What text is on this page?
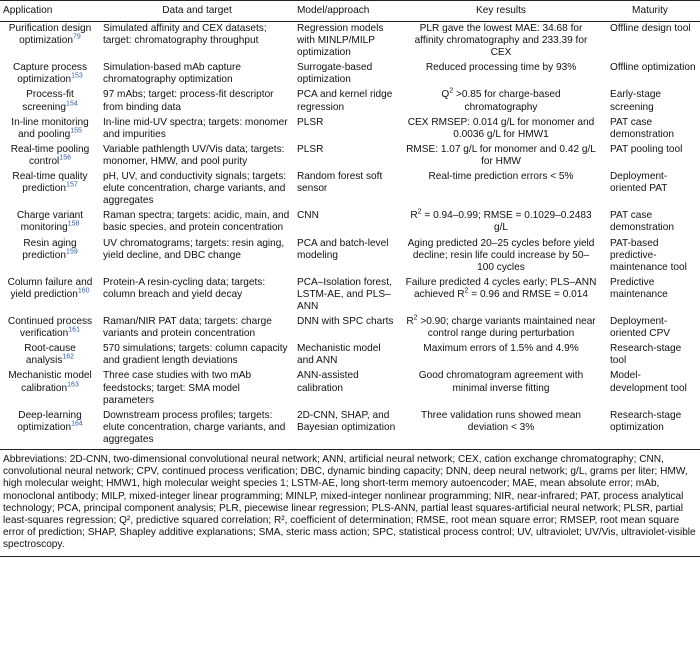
Application	Data and target	Model/approach	Key results	Maturity
Purification design optimization$^{79}$	Simulated affinity and CEX datasets; target: chromatography throughput	Regression models with MINLP/MILP optimization	PLR gave the lowest MAE: 34.68 for affinity chromatography and 233.39 for CEX	Offline design tool
Capture process optimization$^{153}$	Simulation-based mAb capture chromatography optimization	Surrogate-based optimization	Reduced processing time by 93%	Offline optimization
Process-fit screening$^{154}$	97 mAbs; target: process-fit descriptor from binding data	PCA and kernel ridge regression	$Q^2 >0.85$ for charge-based chromatography	Early-stage screening
In-line monitoring and pooling$^{155}$	In-line mid-UV spectra; targets: monomer and impurities	PLSR	CEX RMSEP: 0.014 g/L for monomer and 0.0036 g/L for HMW1	PAT case demonstration
Real-time pooling control$^{156}$	Variable pathlength UV/Vis data; targets: monomer, HMW, and pool purity	PLSR	RMSE: 1.07 g/L for monomer and 0.42 g/L for HMW	PAT pooling tool
Real-time quality prediction$^{157}$	pH, UV, and conductivity signals; targets: elute concentration, charge variants, and aggregates	Random forest soft sensor	Real-time prediction errors < 5%	Deployment-oriented PAT
Charge variant monitoring$^{158}$	Raman spectra; targets: acidic, main, and basic species, and protein concentration	CNN	$R^2 = 0.94-0.99$; RMSE = 0.1029–0.2483 g/L	PAT case demonstration
Resin aging prediction$^{159}$	UV chromatograms; targets: resin aging, yield decline, and DBC change	PCA and batch-level modeling	Aging predicted 20–25 cycles before yield decline; resin life could increase by 50–100 cycles	PAT-based predictive-maintenance tool
Column failure and yield prediction$^{160}$	Protein-A resin-cycling data; targets: column breach and yield decay	PCA–Isolation forest, LSTM-AE, and PLS–ANN	Failure predicted 4 cycles early; PLS–ANN achieved $R^2 = 0.96$ and RMSE = 0.014	Predictive maintenance
Continued process verification$^{161}$	Raman/NIR PAT data; targets: charge variants and protein concentration	DNN with SPC charts	$R^2 >0.90$; charge variants maintained near control range during perturbation	Deployment-oriented CPV
Root-cause analysis$^{162}$	570 simulations; targets: column capacity and gradient length deviations	Mechanistic model and ANN	Maximum errors of 1.5% and 4.9%	Research-stage tool
Mechanistic model calibration$^{163}$	Three case studies with two mAb feedstocks; target: SMA model parameters	ANN-assisted calibration	Good chromatogram agreement with minimal inverse fitting	Model-development tool
Deep-learning optimization$^{164}$	Downstream process profiles; targets: elute concentration, charge variants, and aggregates	2D-CNN, SHAP, and Bayesian optimization	Three validation runs showed mean deviation < 3%	Research-stage optimization
Abbreviations: 2D-CNN, two-dimensional convolutional neural network; ANN, artificial neural network; CEX, cation exchange chromatography; CNN, convolutional neural network; CPV, continued process verification; DBC, dynamic binding capacity; DNN, deep neural network; g/L, grams per liter; HMW, high molecular weight; HMW1, high molecular weight species 1; LSTM-AE, long short-term memory autoencoder; MAE, mean absolute error; mAb, monoclonal antibody; MILP, mixed-integer linear programming; MINLP, mixed-integer nonlinear programming; NIR, near-infrared; PAT, process analytical technology; PCA, principal component analysis; PLR, piecewise linear regression; PLS-ANN, partial least squares-artificial neural network; PLSR, partial least-squares regression; Q², predictive squared correlation; R², coefficient of determination; RMSE, root mean square error; RMSEP, root mean square error of prediction; SHAP, Shapley additive explanations; SMA, steric mass action; SPC, statistical process control; UV, ultraviolet; UV/Vis, ultraviolet-visible spectroscopy.
